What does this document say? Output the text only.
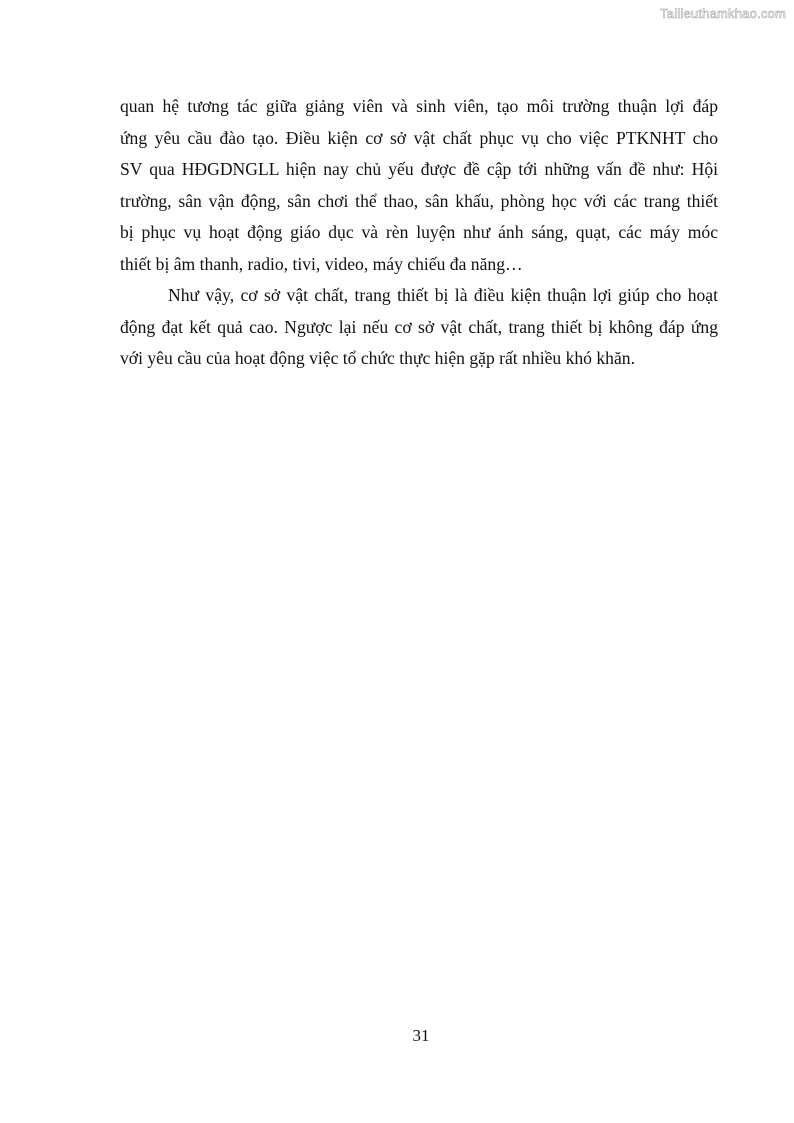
Tailieuthamkhao.com
quan hệ tương tác giữa giảng viên và sinh viên, tạo môi trường thuận lợi đáp
ứng yêu cầu đào tạo. Điều kiện cơ sở vật chất phục vụ cho việc PTKNHT cho
SV qua HĐGDNGLL hiện nay chủ yếu được đề cập tới những vấn đề như: Hội
trường, sân vận động, sân chơi thể thao, sân khấu, phòng học với các trang thiết
bị phục vụ hoạt động giáo dục và rèn luyện như ánh sáng, quạt, các máy móc
thiết bị âm thanh, radio, tivi, video, máy chiếu đa năng…
Như vậy, cơ sở vật chất, trang thiết bị là điều kiện thuận lợi giúp cho hoạt
động đạt kết quả cao. Ngược lại nếu cơ sở vật chất, trang thiết bị không đáp ứng
với yêu cầu của hoạt động việc tổ chức thực hiện gặp rất nhiều khó khăn.
31
